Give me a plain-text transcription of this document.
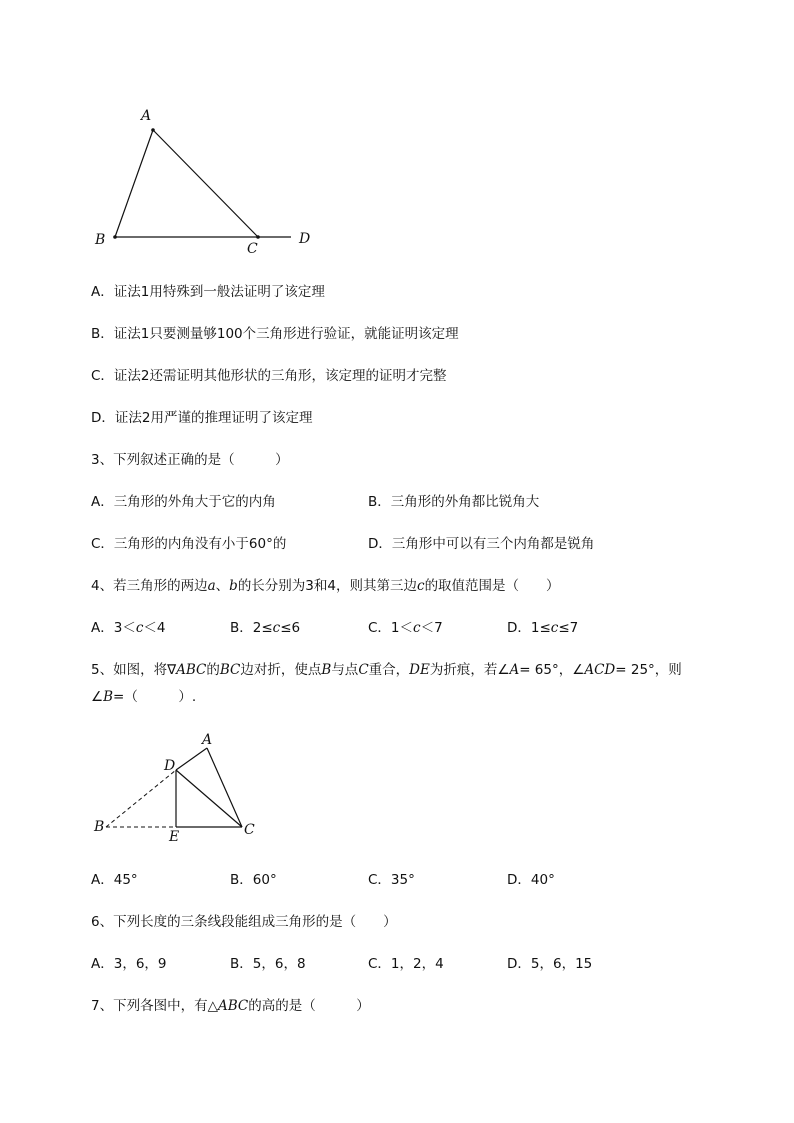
A
B
C
D
A．证法1用特殊到一般法证明了该定理
B．证法1只要测量够100个三角形进行验证，就能证明该定理
C．证法2还需证明其他形状的三角形，该定理的证明才完整
D．证法2用严谨的推理证明了该定理
3、下列叙述正确的是（　　　）
A．三角形的外角大于它的内角	B．三角形的外角都比锐角大
C．三角形的内角没有小于60°的	D．三角形中可以有三个内角都是锐角
4、若三角形的两边a、b的长分别为3和4，则其第三边c的取值范围是（　　）
A．3＜c＜4	B．2≤c≤6	C．1＜c＜7	D．1≤c≤7
5、如图，将∇ABC的BC边对折，使点B与点C重合，DE为折痕，若∠A= 65°，∠ACD= 25°，则
∠B=（　　　）.
A
D
B
E	C
A．45°	B．60°	C．35°	D．40°
6、下列长度的三条线段能组成三角形的是（　　）
A．3，6，9	B．5，6，8	C．1，2，4	D．5，6，15
7、下列各图中，有△ABC的高的是（　　　）
